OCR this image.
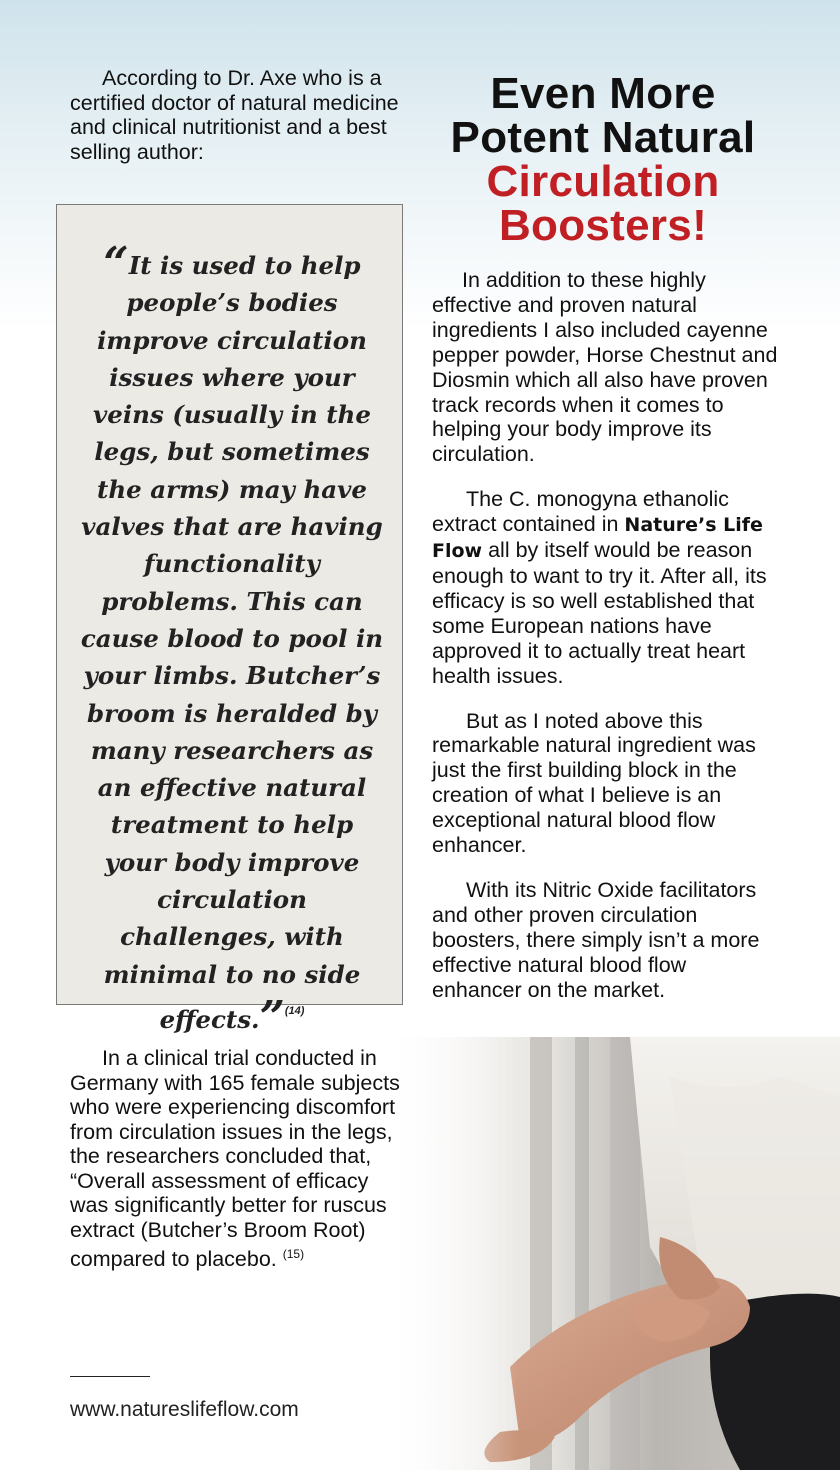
According to Dr. Axe who is a certified doctor of natural medicine and clinical nutritionist and a best selling author:
“It is used to help people’s bodies improve circulation issues where your veins (usually in the legs, but sometimes the arms) may have valves that are having functionality problems. This can cause blood to pool in your limbs. Butcher’s broom is heralded by many researchers as an effective natural treatment to help your body improve circulation challenges, with minimal to no side effects.”$^{(14)}$
Even More Potent Natural
Circulation Boosters!

In addition to these highly effective and proven natural ingredients I also included cayenne pepper powder, Horse Chestnut and Diosmin which all also have proven track records when it comes to helping your body improve its circulation.

The C. monogyna ethanolic extract contained in Nature’s Life Flow all by itself would be reason enough to want to try it. After all, its efficacy is so well established that some European nations have approved it to actually treat heart health issues.

But as I noted above this remarkable natural ingredient was just the first building block in the creation of what I believe is an exceptional natural blood flow enhancer.

With its Nitric Oxide facilitators and other proven circulation boosters, there simply isn’t a more effective natural blood flow enhancer on the market.

In a clinical trial conducted in Germany with 165 female subjects who were experiencing discomfort from circulation issues in the legs, the researchers concluded that, “Overall assessment of efficacy was significantly better for ruscus extract (Butcher’s Broom Root) compared to placebo. $^{(15)}$
www.natureslifeflow.com
